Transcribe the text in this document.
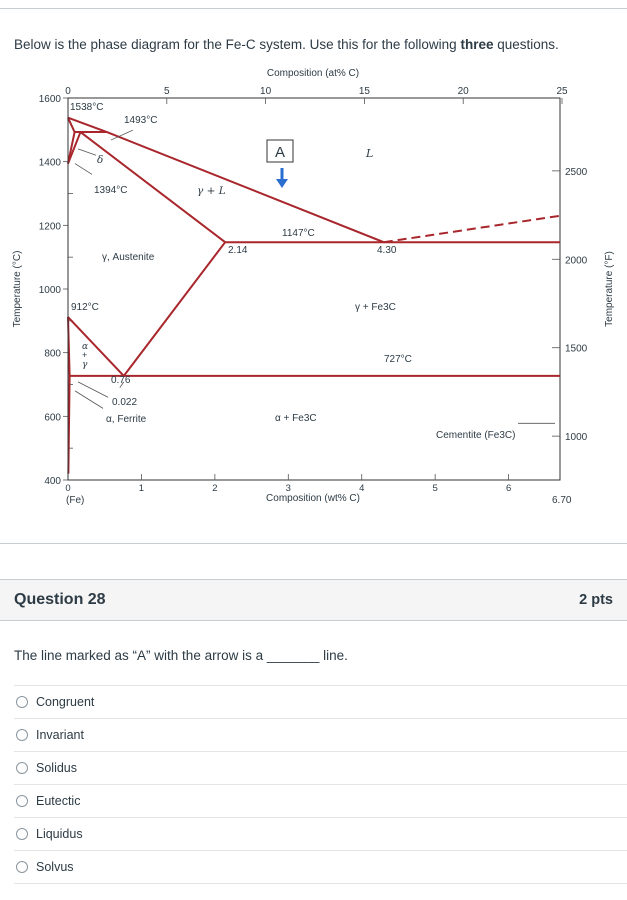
Below is the phase diagram for the Fe-C system. Use this for the following three questions.
400
600
800
1000
1200
1400
1600
1000
1500
2000
2500
0	1	2	3	4	5	6
0	5	10	15	20	25
Composition (at% C)
Composition (wt% C)
Temperature (°C)	Temperature (°F)
(Fe)	6.70
1538°C
1493°C
δ
1394°C
L
γ + L
1147°C
2.14	4.30
γ, Austenite
912°C	γ + Fe3C
α
+
γ	727°C
0.76
0.022
α, Ferrite	α + Fe3C
Cementite (Fe3C)
A
Question 28	2 pts
The line marked as “A” with the arrow is a _______ line.
Congruent
Invariant
Solidus
Eutectic
Liquidus
Solvus
